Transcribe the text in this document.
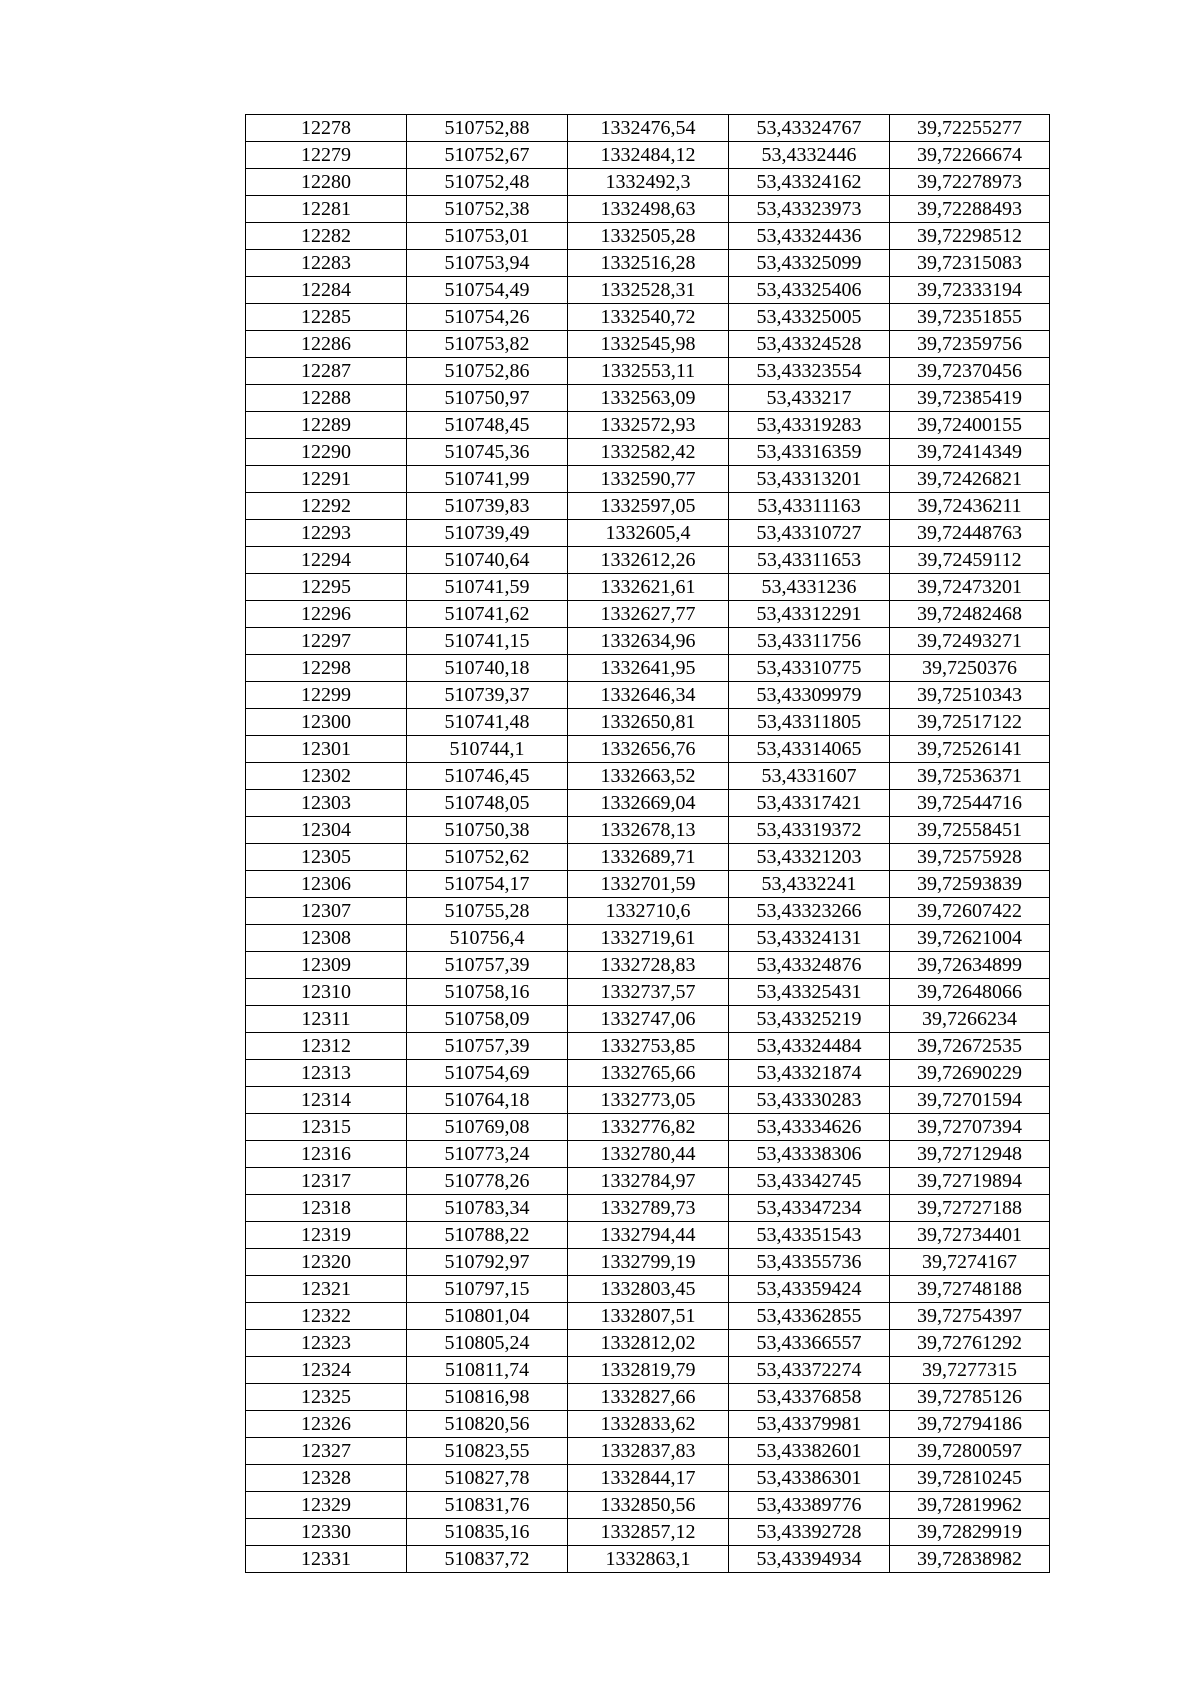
12278	510752,88	1332476,54	53,43324767	39,72255277
12279	510752,67	1332484,12	53,4332446	39,72266674
12280	510752,48	1332492,3	53,43324162	39,72278973
12281	510752,38	1332498,63	53,43323973	39,72288493
12282	510753,01	1332505,28	53,43324436	39,72298512
12283	510753,94	1332516,28	53,43325099	39,72315083
12284	510754,49	1332528,31	53,43325406	39,72333194
12285	510754,26	1332540,72	53,43325005	39,72351855
12286	510753,82	1332545,98	53,43324528	39,72359756
12287	510752,86	1332553,11	53,43323554	39,72370456
12288	510750,97	1332563,09	53,433217	39,72385419
12289	510748,45	1332572,93	53,43319283	39,72400155
12290	510745,36	1332582,42	53,43316359	39,72414349
12291	510741,99	1332590,77	53,43313201	39,72426821
12292	510739,83	1332597,05	53,43311163	39,72436211
12293	510739,49	1332605,4	53,43310727	39,72448763
12294	510740,64	1332612,26	53,43311653	39,72459112
12295	510741,59	1332621,61	53,4331236	39,72473201
12296	510741,62	1332627,77	53,43312291	39,72482468
12297	510741,15	1332634,96	53,43311756	39,72493271
12298	510740,18	1332641,95	53,43310775	39,7250376
12299	510739,37	1332646,34	53,43309979	39,72510343
12300	510741,48	1332650,81	53,43311805	39,72517122
12301	510744,1	1332656,76	53,43314065	39,72526141
12302	510746,45	1332663,52	53,4331607	39,72536371
12303	510748,05	1332669,04	53,43317421	39,72544716
12304	510750,38	1332678,13	53,43319372	39,72558451
12305	510752,62	1332689,71	53,43321203	39,72575928
12306	510754,17	1332701,59	53,4332241	39,72593839
12307	510755,28	1332710,6	53,43323266	39,72607422
12308	510756,4	1332719,61	53,43324131	39,72621004
12309	510757,39	1332728,83	53,43324876	39,72634899
12310	510758,16	1332737,57	53,43325431	39,72648066
12311	510758,09	1332747,06	53,43325219	39,7266234
12312	510757,39	1332753,85	53,43324484	39,72672535
12313	510754,69	1332765,66	53,43321874	39,72690229
12314	510764,18	1332773,05	53,43330283	39,72701594
12315	510769,08	1332776,82	53,43334626	39,72707394
12316	510773,24	1332780,44	53,43338306	39,72712948
12317	510778,26	1332784,97	53,43342745	39,72719894
12318	510783,34	1332789,73	53,43347234	39,72727188
12319	510788,22	1332794,44	53,43351543	39,72734401
12320	510792,97	1332799,19	53,43355736	39,7274167
12321	510797,15	1332803,45	53,43359424	39,72748188
12322	510801,04	1332807,51	53,43362855	39,72754397
12323	510805,24	1332812,02	53,43366557	39,72761292
12324	510811,74	1332819,79	53,43372274	39,7277315
12325	510816,98	1332827,66	53,43376858	39,72785126
12326	510820,56	1332833,62	53,43379981	39,72794186
12327	510823,55	1332837,83	53,43382601	39,72800597
12328	510827,78	1332844,17	53,43386301	39,72810245
12329	510831,76	1332850,56	53,43389776	39,72819962
12330	510835,16	1332857,12	53,43392728	39,72829919
12331	510837,72	1332863,1	53,43394934	39,72838982
